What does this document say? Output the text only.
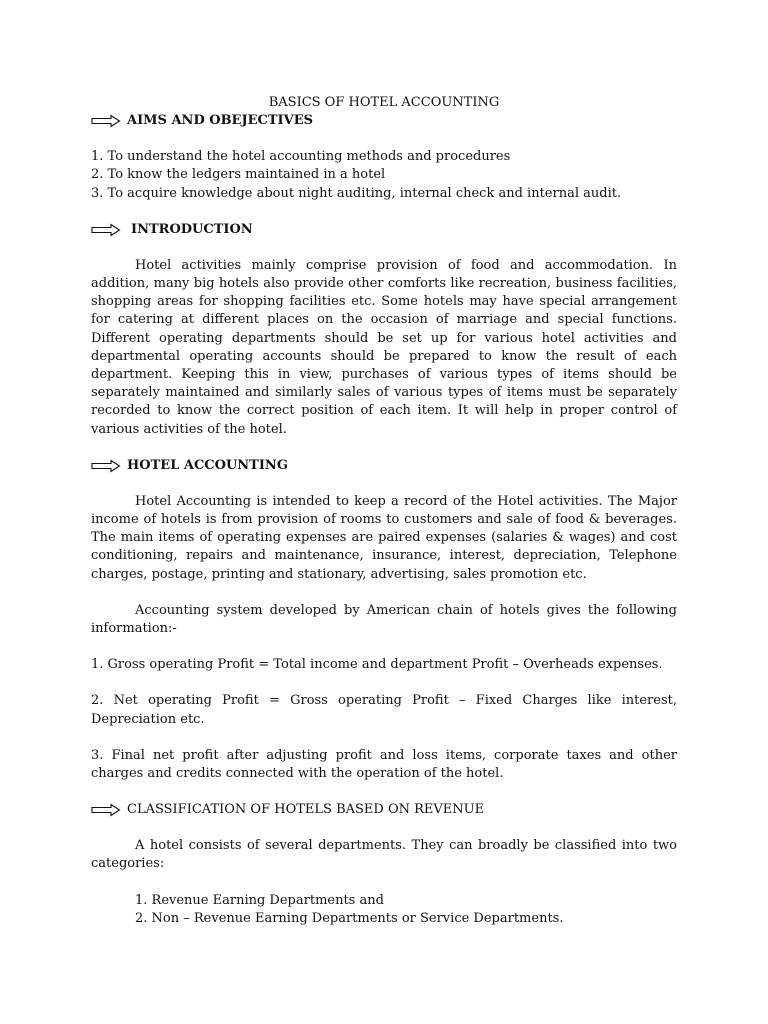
BASICS OF HOTEL ACCOUNTING

AIMS AND OBEJECTIVES
1. To understand the hotel accounting methods and procedures
2. To know the ledgers maintained in a hotel
3. To acquire knowledge about night auditing, internal check and internal audit.
INTRODUCTION

Hotel activities mainly comprise provision of food and accommodation. In addition, many big hotels also provide other comforts like recreation, business facilities, shopping areas for shopping facilities etc. Some hotels may have special arrangement for catering at different places on the occasion of marriage and special functions. Different operating departments should be set up for various hotel activities and departmental operating accounts should be prepared to know the result of each department. Keeping this in view, purchases of various types of items should be separately maintained and similarly sales of various types of items must be separately recorded to know the correct position of each item. It will help in proper control of various activities of the hotel.

HOTEL ACCOUNTING

Hotel Accounting is intended to keep a record of the Hotel activities. The Major income of hotels is from provision of rooms to customers and sale of food & beverages. The main items of operating expenses are paired expenses (salaries & wages) and cost conditioning, repairs and maintenance, insurance, interest, depreciation, Telephone charges, postage, printing and stationary, advertising, sales promotion etc.

Accounting system developed by American chain of hotels gives the following information:-

1. Gross operating Profit = Total income and department Profit – Overheads expenses.

2. Net operating Profit = Gross operating Profit – Fixed Charges like interest, Depreciation etc.

3. Final net profit after adjusting profit and loss items, corporate taxes and other charges and credits connected with the operation of the hotel.

CLASSIFICATION OF HOTELS BASED ON REVENUE

A hotel consists of several departments. They can broadly be classified into two categories:

1. Revenue Earning Departments and
2. Non – Revenue Earning Departments or Service Departments.
